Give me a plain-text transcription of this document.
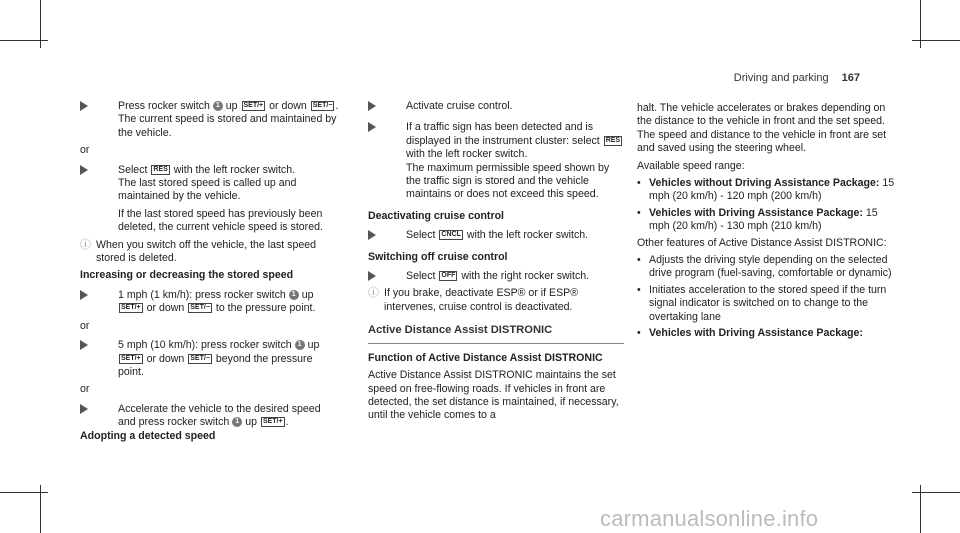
Driving and parking 167
Press rocker switch 1 up SET/+ or down SET/− .
The current speed is stored and maintained by the vehicle.
or
Select RES with the left rocker switch.
The last stored speed is called up and maintained by the vehicle.
If the last stored speed has previously been deleted, the current vehicle speed is stored.
ⓘ When you switch off the vehicle, the last speed stored is deleted.
Increasing or decreasing the stored speed
1 mph (1 km/h): press rocker switch 1 up SET/+ or down SET/− to the pressure point.
or
5 mph (10 km/h): press rocker switch 1 up SET/+ or down SET/− beyond the pressure point.
or
Accelerate the vehicle to the desired speed and press rocker switch 1 up SET/+ .
Adopting a detected speed
Activate cruise control.
If a traffic sign has been detected and is displayed in the instrument cluster: select RES with the left rocker switch.
The maximum permissible speed shown by the traffic sign is stored and the vehicle maintains or does not exceed this speed.
Deactivating cruise control
Select CNCL with the left rocker switch.
Switching off cruise control
Select OFF with the right rocker switch.
ⓘ If you brake, deactivate ESP® or if ESP® intervenes, cruise control is deactivated.
Active Distance Assist DISTRONIC
Function of Active Distance Assist DISTRONIC
Active Distance Assist DISTRONIC maintains the set speed on free-flowing roads. If vehicles in front are detected, the set distance is maintained, if necessary, until the vehicle comes to a
halt. The vehicle accelerates or brakes depending on the distance to the vehicle in front and the set speed. The speed and distance to the vehicle in front are set and saved using the steering wheel.
Available speed range:
• Vehicles without Driving Assistance Package: 15 mph (20 km/h) - 120 mph (200 km/h)
• Vehicles with Driving Assistance Package: 15 mph (20 km/h) - 130 mph (210 km/h)
Other features of Active Distance Assist DISTRONIC:
• Adjusts the driving style depending on the selected drive program (fuel-saving, comfortable or dynamic)
• Initiates acceleration to the stored speed if the turn signal indicator is switched on to change to the overtaking lane
• Vehicles with Driving Assistance Package:
carmanualsonline.info
